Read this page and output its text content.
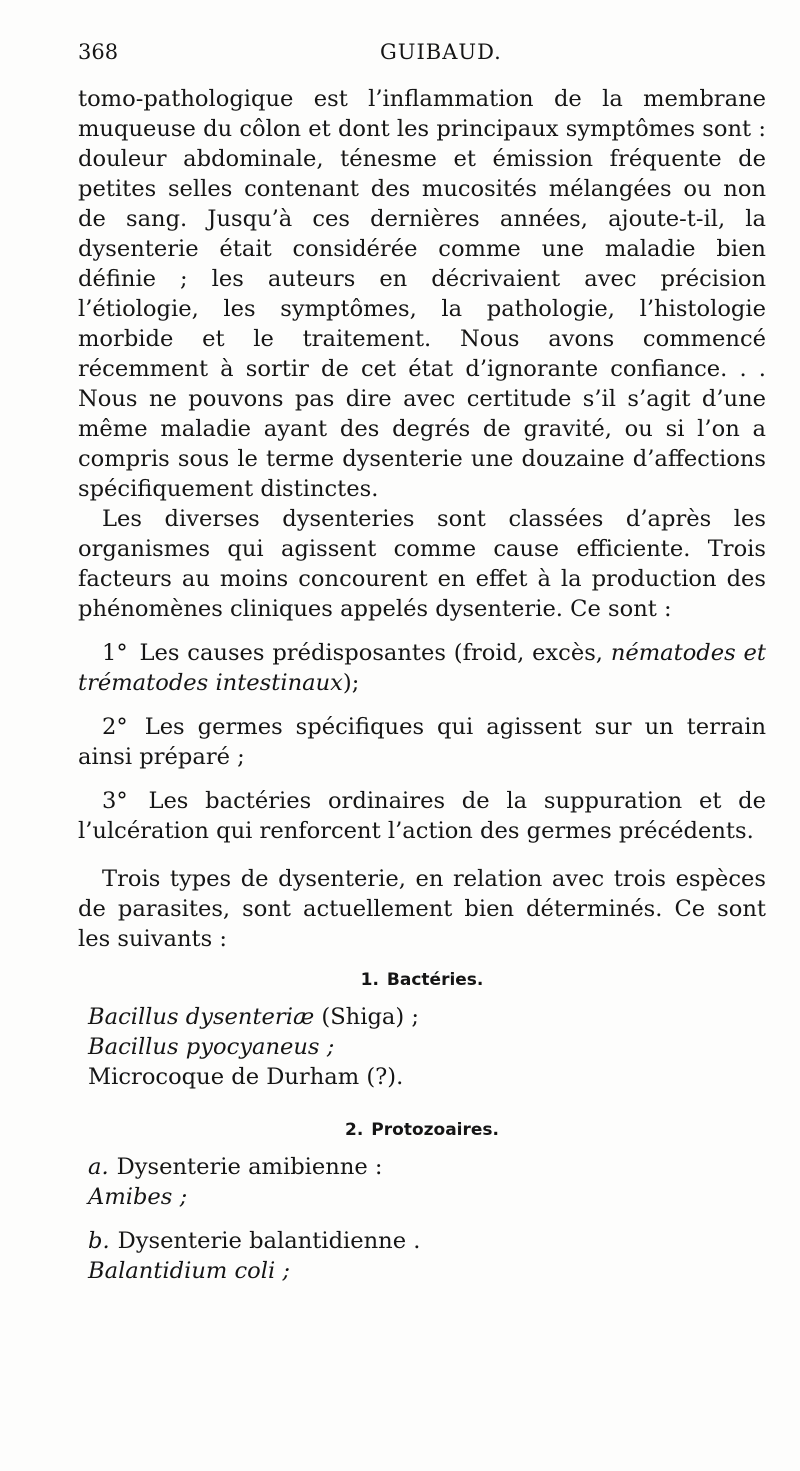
368	GUIBAUD.

tomo-pathologique est l’inflammation de la membrane muqueuse du côlon et dont les principaux symptômes sont : douleur abdominale, ténesme et émission fréquente de petites selles contenant des mucosités mélangées ou non de sang. Jusqu’à ces dernières années, ajoute-t-il, la dysenterie était considérée comme une maladie bien définie ; les auteurs en décrivaient avec précision l’étiologie, les symptômes, la pathologie, l’histologie morbide et le traitement. Nous avons commencé récemment à sortir de cet état d’ignorante confiance. . . Nous ne pouvons pas dire avec certitude s’il s’agit d’une même maladie ayant des degrés de gravité, ou si l’on a compris sous le terme dysenterie une douzaine d’affections spécifiquement distinctes.

Les diverses dysenteries sont classées d’après les organismes qui agissent comme cause efficiente. Trois facteurs au moins concourent en effet à la production des phénomènes cliniques appelés dysenterie. Ce sont :

1° Les causes prédisposantes (froid, excès, nématodes et trématodes intestinaux);

2° Les germes spécifiques qui agissent sur un terrain ainsi préparé ;

3° Les bactéries ordinaires de la suppuration et de l’ulcération qui renforcent l’action des germes précédents.

Trois types de dysenterie, en relation avec trois espèces de parasites, sont actuellement bien déterminés. Ce sont les suivants :

1. Bactéries.

Bacillus dysenteriæ (Shiga) ;

Bacillus pyocyaneus ;

Microcoque de Durham (?).

2. Protozoaires.

a. Dysenterie amibienne :

Amibes ;

b. Dysenterie balantidienne .

Balantidium coli ;
